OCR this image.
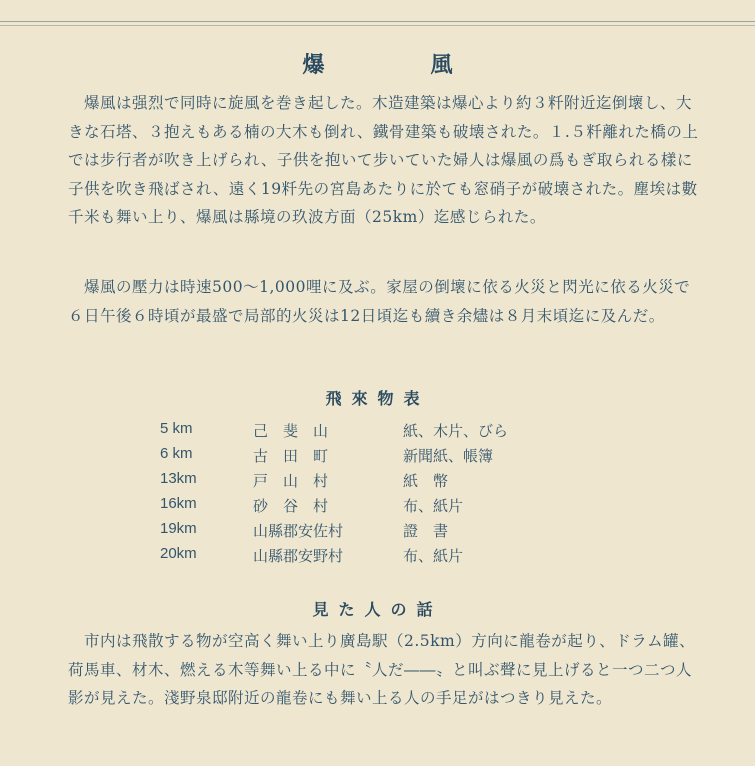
爆　風

爆風は强烈で同時に旋風を巻き起した。木造建築は爆心より約３粁附近迄倒壞し、大きな石塔、３抱えもある楠の大木も倒れ、鐵骨建築も破壊された。１.５粁離れた橋の上では步行者が吹き上げられ、子供を抱いて步いていた婦人は爆風の爲もぎ取られる樣に子供を吹き飛ばされ、遠く19粁先の宮島あたりに於ても窓硝子が破壊された。塵埃は數千米も舞い上り、爆風は縣境の玖波方面（25km）迄感じられた。

爆風の壓力は時速500～1,000哩に及ぶ。家屋の倒壞に依る火災と閃光に依る火災で６日午後６時頃が最盛で局部的火災は12日頃迄も續き余燼は８月末頃迄に及んだ。

飛來物表
5 km	己　斐　山	紙、木片、びら
6 km	古　田　町	新聞紙、帳簿
13km	戸　山　村	紙　幣
16km	砂　谷　村	布、紙片
19km	山縣郡安佐村	證　書
20km	山縣郡安野村	布、紙片
見た人の話

市内は飛散する物が空高く舞い上り廣島駅（2.5km）方向に龍卷が起り、ドラム罐、荷馬車、材木、燃える木等舞い上る中に〝人だ――〟と叫ぶ聲に見上げると一つ二つ人影が見えた。淺野泉邸附近の龍卷にも舞い上る人の手足がはつきり見えた。
